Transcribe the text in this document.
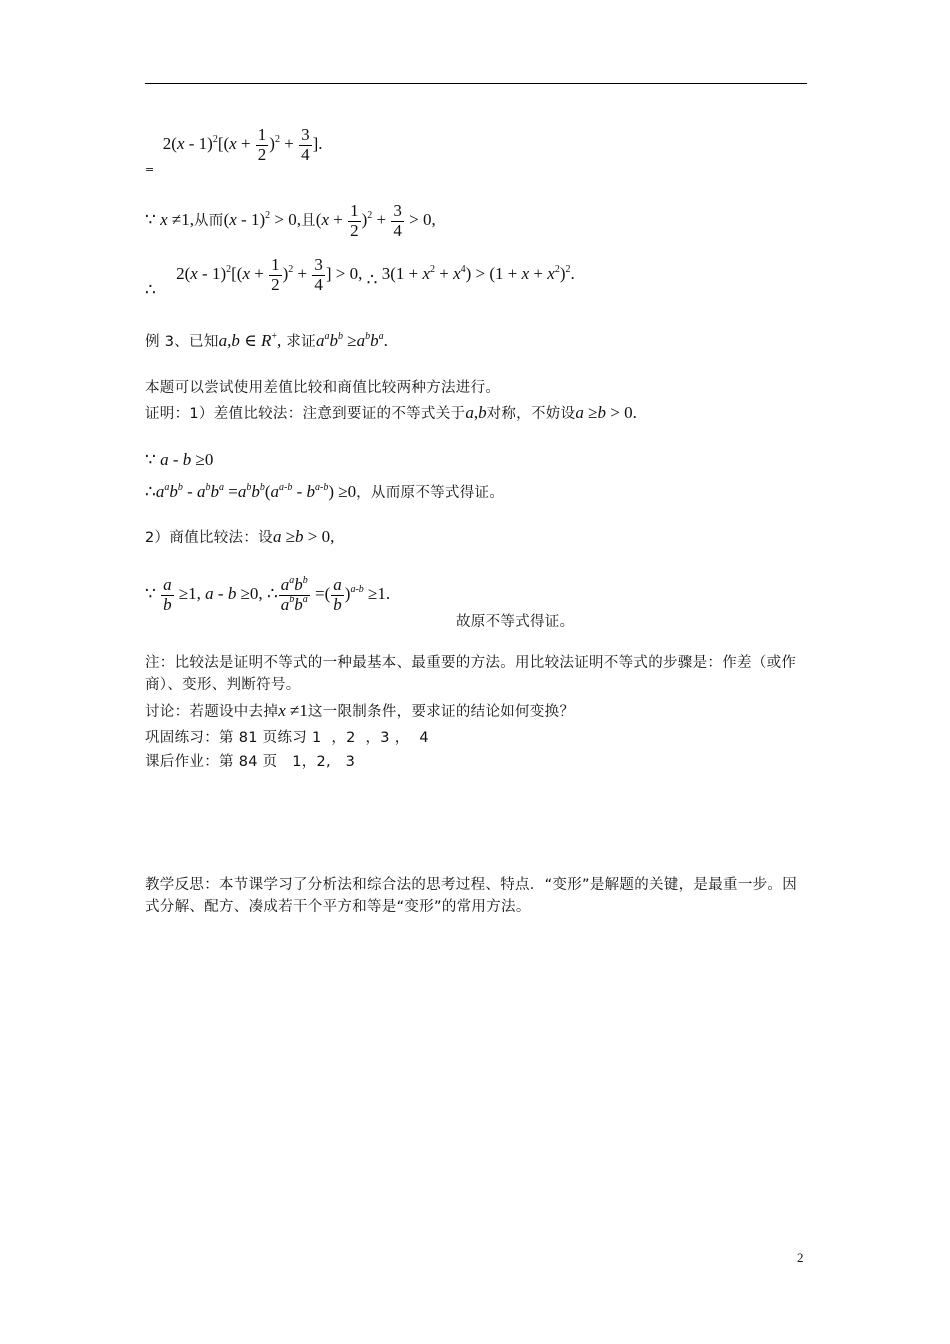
$_=$ $2(x - 1)^2[(x + \frac{1}{2} )^2 + \frac{3}{4}$ ].
∵ x ≠1,从而(x - 1)$^2$ > 0,且$(x + \frac{1}{2} )^2 + \frac{3}{4} > 0$,
∴ $2(x - 1)^2[(x + \frac{1}{2} )^2 + \frac{3}{4}$ ] > 0, ∴ $3(1 + x^2 + x^4) > (1 + x + x^2)^2$.
例 3、已知a,b ∈ R+, 求证$a^ab^b \ge a^bb^a$.
本题可以尝试使用差值比较和商值比较两种方法进行。
证明：1）差值比较法：注意到要证的不等式关于a,b对称，不妨设a ≥b > 0.
∵ a - b ≥0
$\therefore a^ab^b - a^bb^a =a^bb^b(a^{a-b} - b^{a-b}) \ge 0$，从而原不等式得证。
2）商值比较法：设a ≥b > 0,
∵ $\frac{a}{b} \ge 1$, a - b ≥0, ∴ $\frac{a^ab^b}{a^bb^a}$ =( $\frac{a}{b} )^{a-b} \ge 1$.
故原不等式得证。
注：比较法是证明不等式的一种最基本、最重要的方法。用比较法证明不等式的步骤是：作差（或作商）、变形、判断符号。
讨论：若题设中去掉x ≠1这一限制条件，要求证的结论如何变换？
巩固练习：第 81 页练习 1  ，2  ，3 ，  4
课后作业：第 84 页   1，2,   3
教学反思：本节课学习了分析法和综合法的思考过程、特点．“变形”是解题的关键，是最重一步。因式分解、配方、凑成若干个平方和等是“变形”的常用方法。
2
